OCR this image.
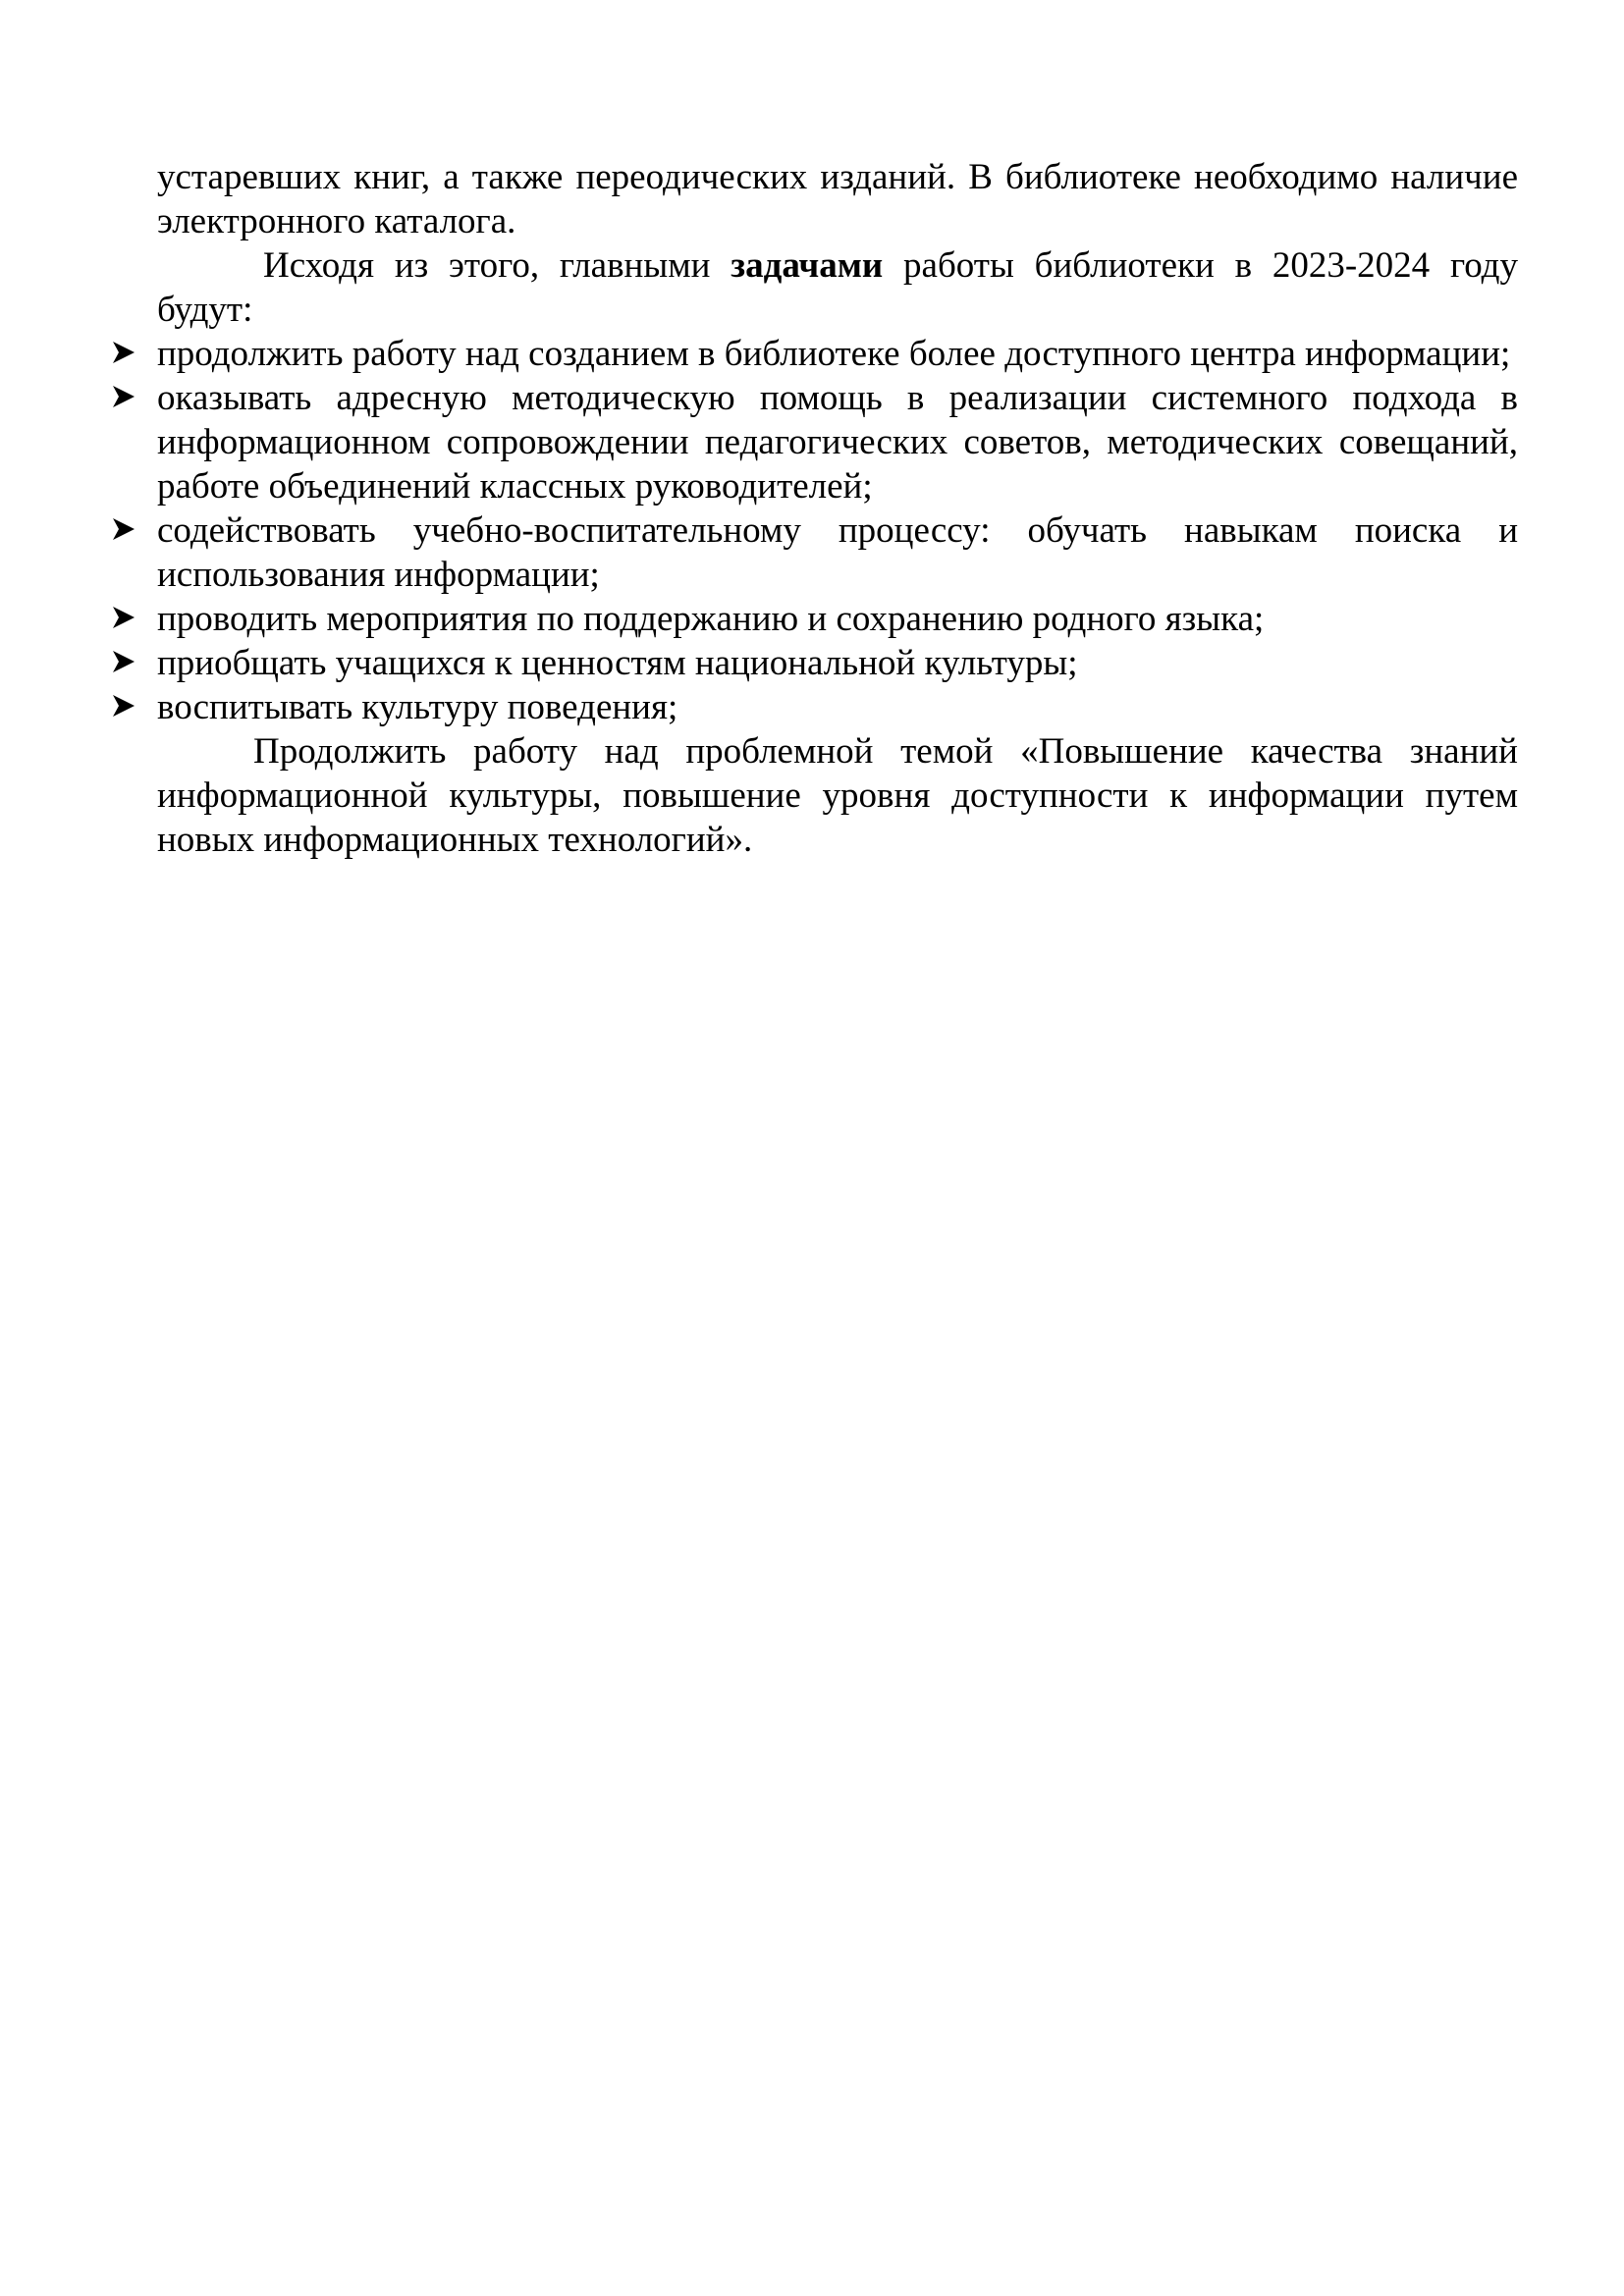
устаревших книг, а также переодических изданий. В библиотеке необходимо наличие электронного каталога.

Исходя из этого, главными задачами работы библиотеки в 2023-2024 году будут:

продолжить работу над созданием в библиотеке более доступного центра информации;
оказывать адресную методическую помощь в реализации системного подхода в информационном сопровождении педагогических советов, методических совещаний, работе объединений классных руководителей;
содействовать учебно-воспитательному процессу: обучать навыкам поиска и использования информации;
проводить мероприятия по поддержанию и сохранению родного языка;
приобщать учащихся к ценностям национальной культуры;
воспитывать культуру поведения;

Продолжить работу над проблемной темой «Повышение качества знаний информационной культуры, повышение уровня доступности к информации путем новых информационных технологий».
